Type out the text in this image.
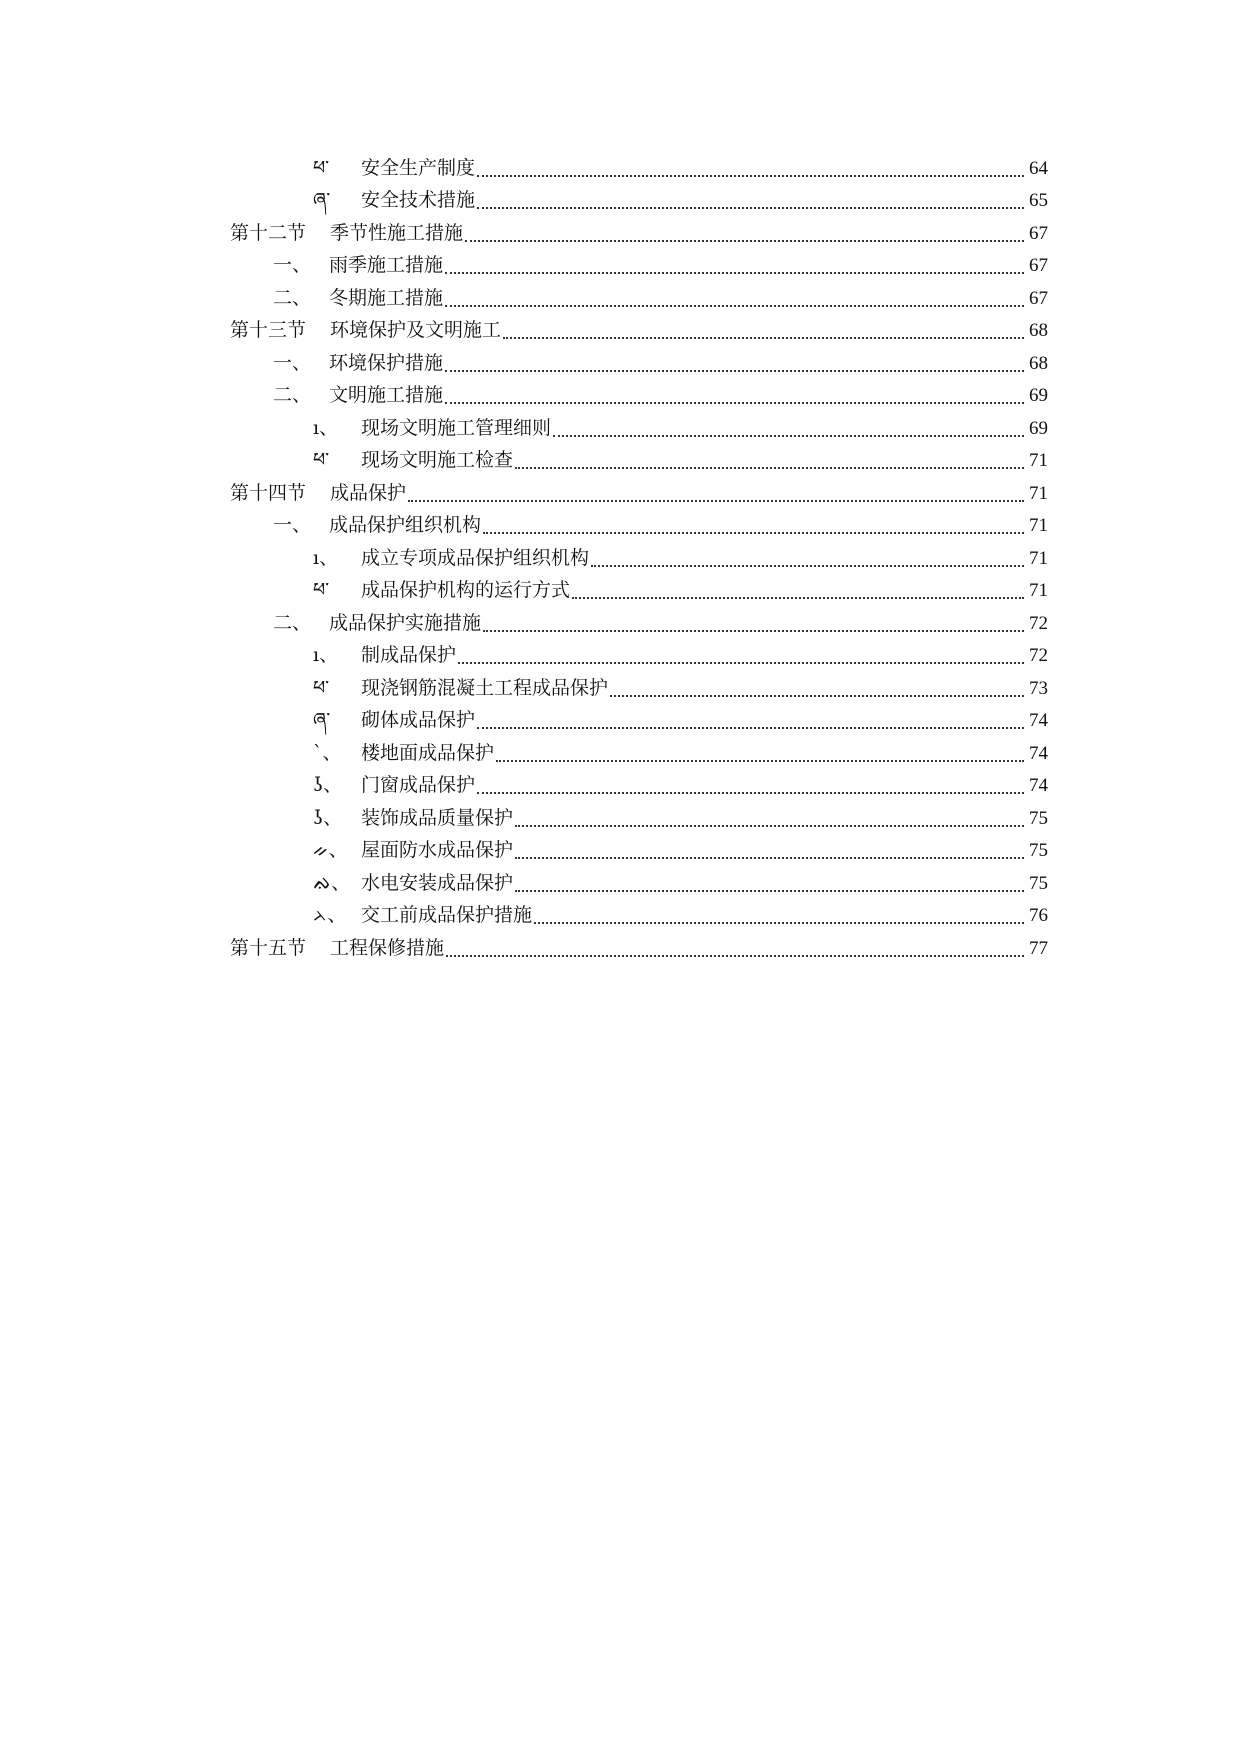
ཕ་	安全生产制度	64
ཞ་	安全技术措施	65
第十二节 季节性施工措施	67
一、 雨季施工措施	67
二、 冬期施工措施	67
第十三节 环境保护及文明施工	68
一、 环境保护措施	68
二、 文明施工措施	69
ı、	现场文明施工管理细则	69
ཕ་	现场文明施工检查	71
第十四节 成品保护	71
一、 成品保护组织机构	71
ı、	成立专项成品保护组织机构	71
ཕ་	成品保护机构的运行方式	71
二、 成品保护实施措施	72
ı、	制成品保护	72
ཕ་	现浇钢筋混凝土工程成品保护	73
ཞ་	砌体成品保护	74
ˋ、	楼地面成品保护	74
ʖ、 门窗成品保护	74
ʖ、 装饰成品质量保护	75
ᨀ、 屋面防水成品保护	75
ᨁ、 水电安装成品保护	75
ᨂ、 交工前成品保护措施	76
第十五节 工程保修措施	77
